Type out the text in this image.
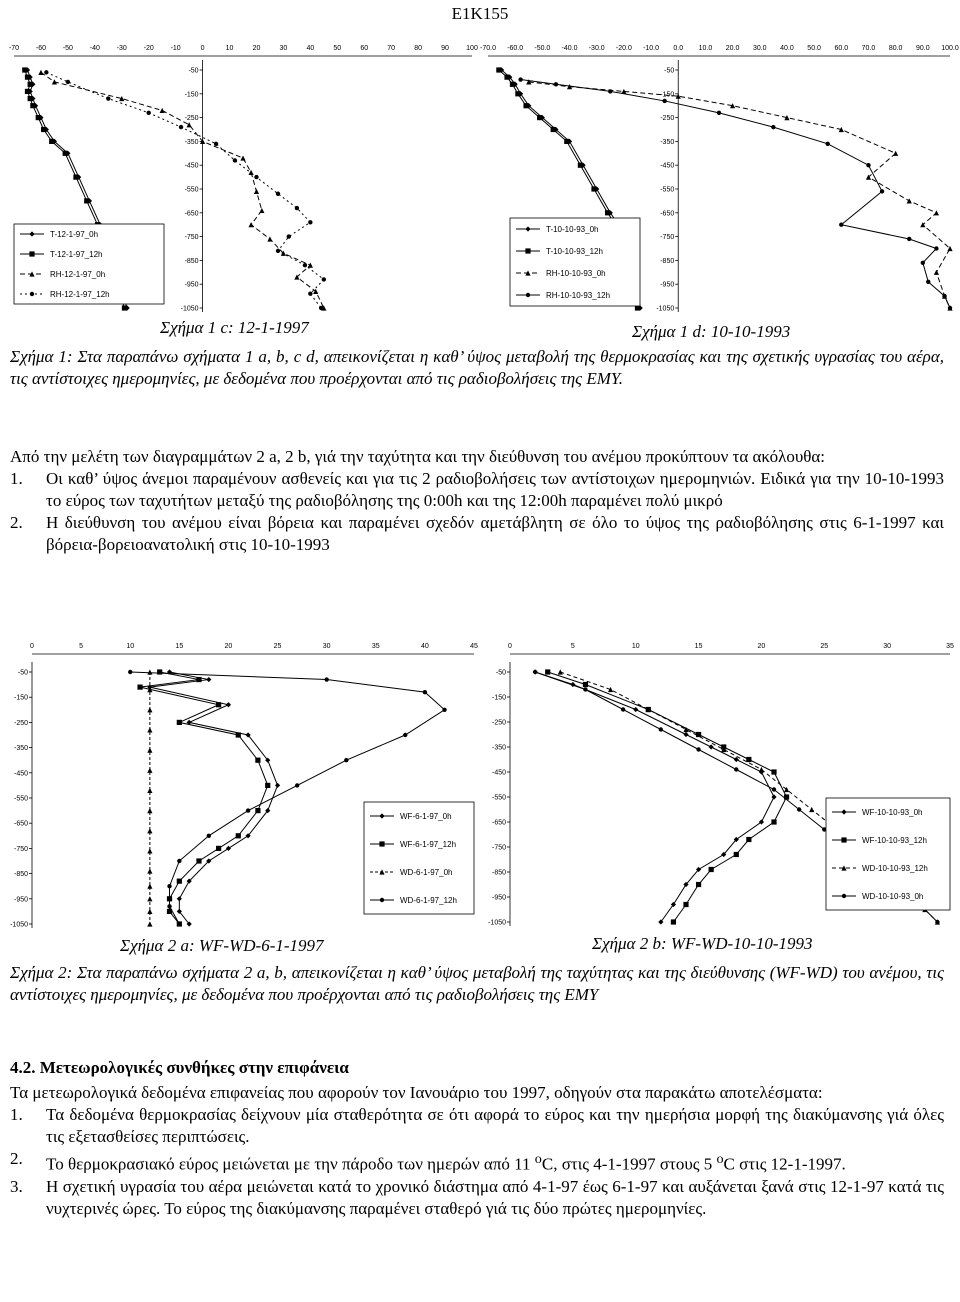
E1K155
-70 -60 -50 -40 -30 -20 -10	0	10	20	30	40	50	60	70	80	90 100
-50
-150
-250
-350
-450
-550
-650
-750
-850
-950
-1050
T-12-1-97_0h
T-12-1-97_12h
RH-12-1-97_0h
RH-12-1-97_12h
-70.0 -60.0 -50.0 -40.0 -30.0 -20.0 -10.0 0.0 10.0 20.0 30.0 40.0 50.0 60.0 70.0 80.0 90.0 100.0
-50
-150
-250
-350
-450
-550
-650
-750
-850
-950
-1050
T-10-10-93_0h
T-10-10-93_12h
RH-10-10-93_0h
RH-10-10-93_12h
Σχήμα 1 c: 12-1-1997	Σχήμα 1 d: 10-10-1993

Σχήμα 1: Στα παραπάνω σχήματα 1 a, b, c d, απεικονίζεται η καθ’ ύψος μεταβολή της θερμοκρασίας και της σχετικής υγρασίας του αέρα, τις αντίστοιχες ημερομηνίες, με δεδομένα που προέρχονται από τις ραδιοβολήσεις της ΕΜΥ.

Από την μελέτη των διαγραμμάτων 2 a, 2 b, γιά την ταχύτητα και την διεύθυνση του ανέμου προκύπτουν τα ακόλουθα:

1. Οι καθ’ ύψος άνεμοι παραμένουν ασθενείς και για τις 2 ραδιοβολήσεις των αντίστοιχων ημερομηνιών. Ειδικά για την 10-10-1993 το εύρος των ταχυτήτων μεταξύ της ραδιοβόλησης της 0:00h και της 12:00h παραμένει πολύ μικρό

2. Η διεύθυνση του ανέμου είναι βόρεια και παραμένει σχεδόν αμετάβλητη σε όλο το ύψος της ραδιοβόλησης στις 6-1-1997 και βόρεια-βορειοανατολική στις 10-10-1993

0	5	10	15	20	25	30	35	40	45
-50
-150
-250
-350
-450
-550
-650
-750
-850
-950
-1050
WF-6-1-97_0h
WF-6-1-97_12h
WD-6-1-97_0h
WD-6-1-97_12h
0	5	10	15	20	25	30	35
-50
-150
-250
-350
-450
-550
-650
-750
-850
-950
-1050
WF-10-10-93_0h
WF-10-10-93_12h
WD-10-10-93_12h
WD-10-10-93_0h
Σχήμα 2 a: WF-WD-6-1-1997	Σχήμα 2 b: WF-WD-10-10-1993

Σχήμα 2: Στα παραπάνω σχήματα 2 a, b, απεικονίζεται η καθ’ ύψος μεταβολή της ταχύτητας και της διεύθυνσης (WF-WD) του ανέμου, τις αντίστοιχες ημερομηνίες, με δεδομένα που προέρχονται από τις ραδιοβολήσεις της ΕΜΥ

4.2. Μετεωρολογικές συνθήκες στην επιφάνεια

Τα μετεωρολογικά δεδομένα επιφανείας που αφορούν τον Ιανουάριο του 1997, οδηγούν στα παρακάτω αποτελέσματα:

1. Τα δεδομένα θερμοκρασίας δείχνουν μία σταθερότητα σε ότι αφορά το εύρος και την ημερήσια μορφή της διακύμανσης γιά όλες τις εξετασθείσες περιπτώσεις.

2. Το θερμοκρασιακό εύρος μειώνεται με την πάροδο των ημερών από 11 $^o$C, στις 4-1-1997 στους 5 $^o$C στις 12-1-1997.

3. Η σχετική υγρασία του αέρα μειώνεται κατά το χρονικό διάστημα από 4-1-97 έως 6-1-97 και αυξάνεται ξανά στις 12-1-97 κατά τις νυχτερινές ώρες. Το εύρος της διακύμανσης παραμένει σταθερό γιά τις δύο πρώτες ημερομηνίες.
